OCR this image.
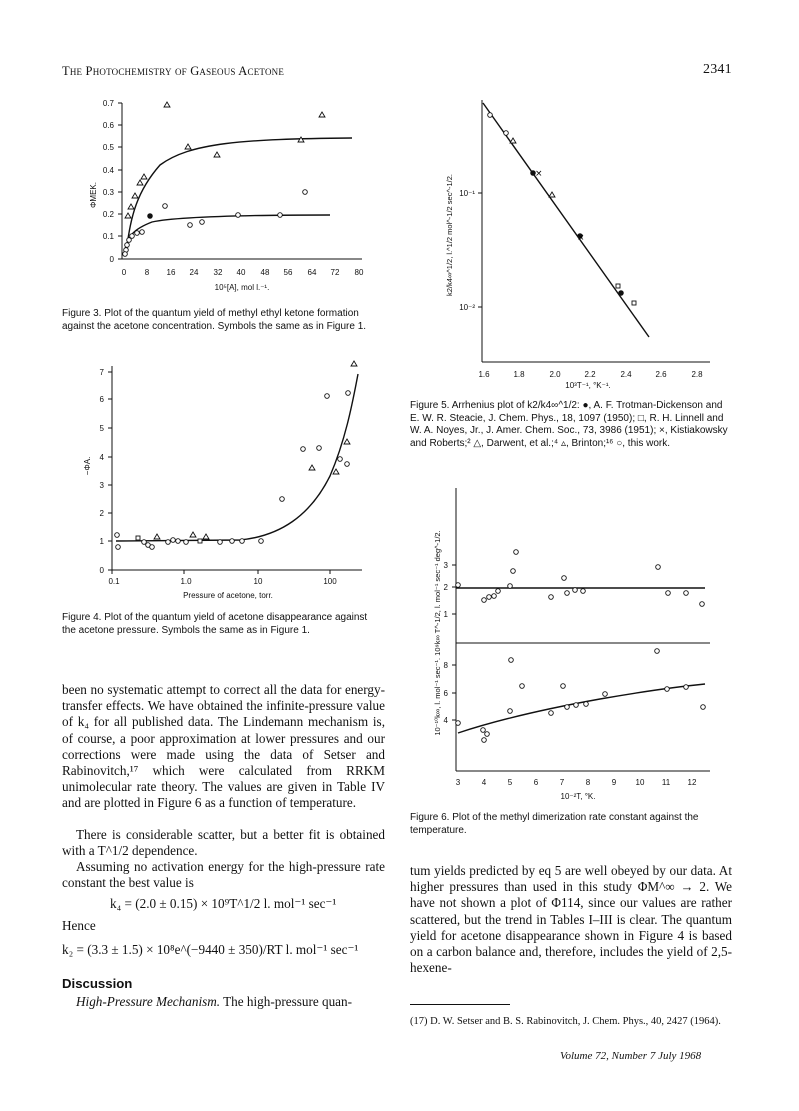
The Photochemistry of Gaseous Acetone	2341
0
0.1
0.2
0.3
0.4
0.5
0.6
0.7
0 8 16 24 32 40 48 56 64 72 80
10⁵[A], mol l.⁻¹.
ΦMEK.
Figure 3. Plot of the quantum yield of methyl ethyl ketone formation against the acetone concentration. Symbols the same as in Figure 1.
0
1
2
3
4
5
6
7
0.1	1.0	10	100
Pressure of acetone, torr.
−ΦA.
Figure 4. Plot of the quantum yield of acetone disappearance against the acetone pressure. Symbols the same as in Figure 1.
10⁻¹
10⁻²
1.6	1.8	2.0	2.2	2.4	2.6	2.8
10³T⁻¹, °K⁻¹.
k2/k4∞^1/2, l.^1/2 mol^-1/2 sec^-1/2.
×
×
Figure 5. Arrhenius plot of k2/k4∞^1/2: ●, A. F. Trotman-Dickenson and E. W. R. Steacie, J. Chem. Phys., 18, 1097 (1950); □, R. H. Linnell and W. A. Noyes, Jr., J. Amer. Chem. Soc., 73, 3986 (1951); ×, Kistiakowsky and Roberts;² △, Darwent, et al.;⁴ ▵, Brinton;¹⁶ ○, this work.
1
2
3
4
6
8
3	4	5	6	7	8	9 10 11 12
10⁻²T, °K.
10⁻¹⁰k∞, l. mol⁻¹ sec⁻¹. 10⁹k∞ T^-1/2, l. mol⁻¹ sec⁻¹ deg^-1/2.
Figure 6. Plot of the methyl dimerization rate constant against the temperature.
been no systematic attempt to correct all the data for energy-transfer effects. We have obtained the infinite-pressure value of k₄ for all published data. The Lindemann mechanism is, of course, a poor approximation at lower pressures and our corrections were made using the data of Setser and Rabinovitch,¹⁷ which were calculated from RRKM unimolecular rate theory. The values are given in Table IV and are plotted in Figure 6 as a function of temperature.
There is considerable scatter, but a better fit is obtained with a T^1/2 dependence.
Assuming no activation energy for the high-pressure rate constant the best value is
k₄ = (2.0 ± 0.15) × 10⁹T^1/2 l. mol⁻¹ sec⁻¹
Hence
k₂ = (3.3 ± 1.5) × 10⁸e^(−9440 ± 350)/RT l. mol⁻¹ sec⁻¹
Discussion
High-Pressure Mechanism. The high-pressure quan-
tum yields predicted by eq 5 are well obeyed by our data. At higher pressures than used in this study ΦM^∞ → 2. We have not shown a plot of Φ114, since our values are rather scattered, but the trend in Tables I–III is clear. The quantum yield for acetone disappearance shown in Figure 4 is based on a carbon balance and, therefore, includes the yield of 2,5-hexene-
(17) D. W. Setser and B. S. Rabinovitch, J. Chem. Phys., 40, 2427 (1964).
Volume 72, Number 7 July 1968
